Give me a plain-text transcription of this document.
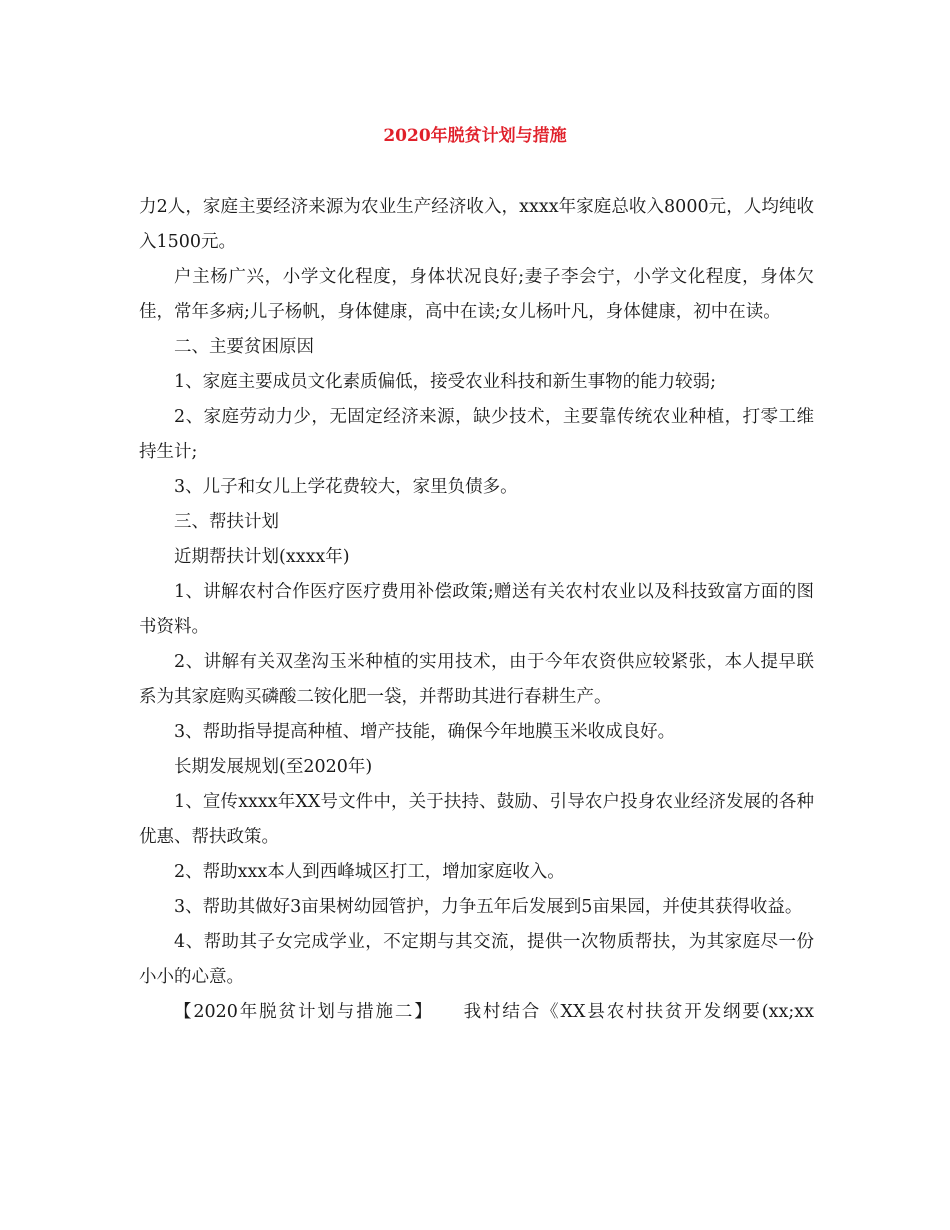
2020年脱贫计划与措施

力2人，家庭主要经济来源为农业生产经济收入，xxxx年家庭总收入8000元，人均纯收入1500元。

户主杨广兴，小学文化程度，身体状况良好;妻子李会宁，小学文化程度，身体欠佳，常年多病;儿子杨帆，身体健康，高中在读;女儿杨叶凡，身体健康，初中在读。

二、主要贫困原因

1、家庭主要成员文化素质偏低，接受农业科技和新生事物的能力较弱;

2、家庭劳动力少，无固定经济来源，缺少技术，主要靠传统农业种植，打零工维持生计;

3、儿子和女儿上学花费较大，家里负债多。

三、帮扶计划

近期帮扶计划(xxxx年)

1、讲解农村合作医疗医疗费用补偿政策;赠送有关农村农业以及科技致富方面的图书资料。

2、讲解有关双垄沟玉米种植的实用技术，由于今年农资供应较紧张，本人提早联系为其家庭购买磷酸二铵化肥一袋，并帮助其进行春耕生产。

3、帮助指导提高种植、增产技能，确保今年地膜玉米收成良好。

长期发展规划(至2020年)

1、宣传xxxx年XX号文件中，关于扶持、鼓励、引导农户投身农业经济发展的各种优惠、帮扶政策。

2、帮助xxx本人到西峰城区打工，增加家庭收入。

3、帮助其做好3亩果树幼园管护，力争五年后发展到5亩果园，并使其获得收益。

4、帮助其子女完成学业，不定期与其交流，提供一次物质帮扶，为其家庭尽一份小小的心意。

【2020年脱贫计划与措施二】　　我村结合《XX县农村扶贫开发纲要(xx;xx
